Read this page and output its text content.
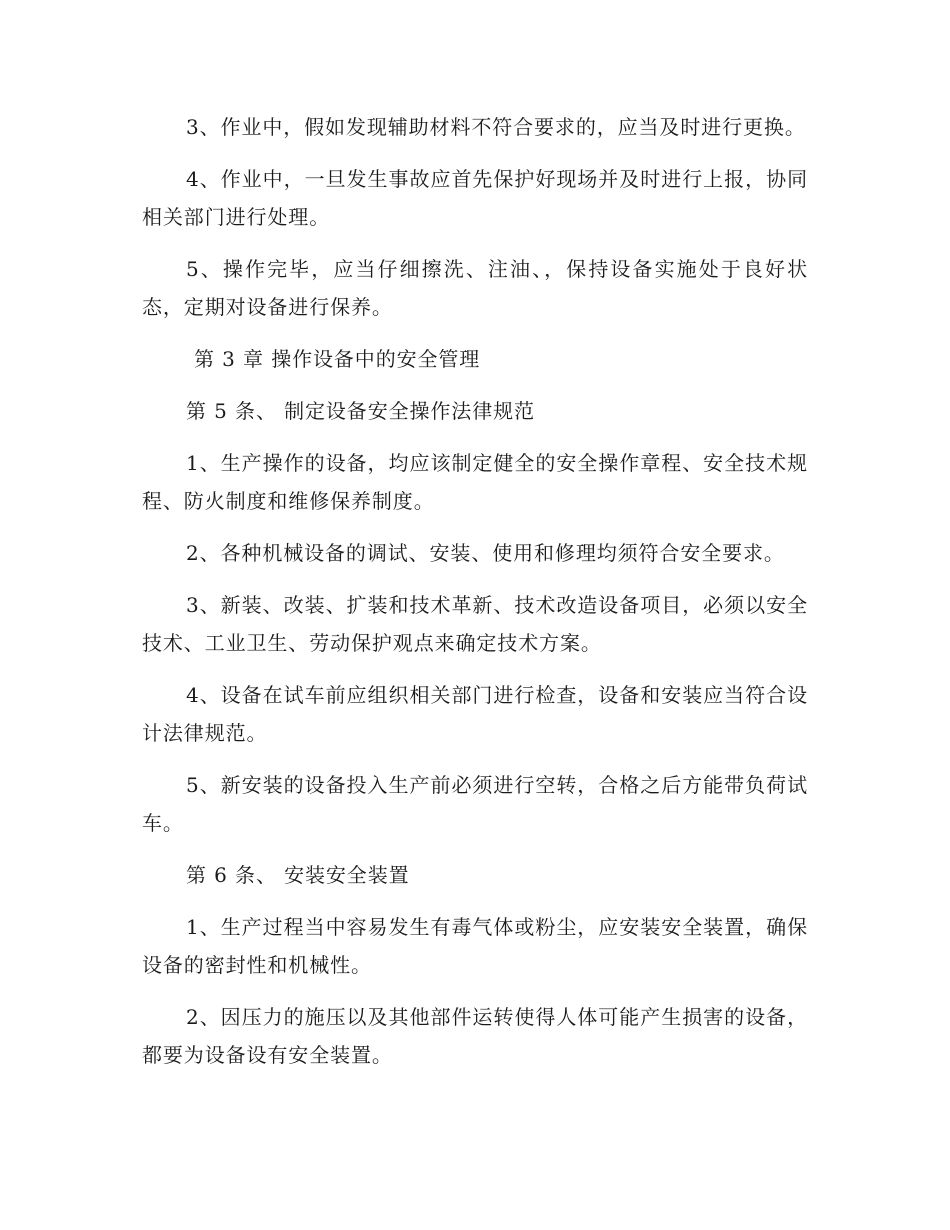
3、作业中，假如发现辅助材料不符合要求的，应当及时进行更换。

4、作业中，一旦发生事故应首先保护好现场并及时进行上报，协同相关部门进行处理。

5、操作完毕，应当仔细擦洗、注油、，保持设备实施处于良好状态，定期对设备进行保养。

第 3 章 操作设备中的安全管理

第 5 条、 制定设备安全操作法律规范

1、生产操作的设备，均应该制定健全的安全操作章程、安全技术规程、防火制度和维修保养制度。

2、各种机械设备的调试、安装、使用和修理均须符合安全要求。

3、新装、改装、扩装和技术革新、技术改造设备项目，必须以安全技术、工业卫生、劳动保护观点来确定技术方案。

4、设备在试车前应组织相关部门进行检查，设备和安装应当符合设计法律规范。

5、新安装的设备投入生产前必须进行空转，合格之后方能带负荷试车。

第 6 条、 安装安全装置

1、生产过程当中容易发生有毒气体或粉尘，应安装安全装置，确保设备的密封性和机械性。

2、因压力的施压以及其他部件运转使得人体可能产生损害的设备，都要为设备设有安全装置。
